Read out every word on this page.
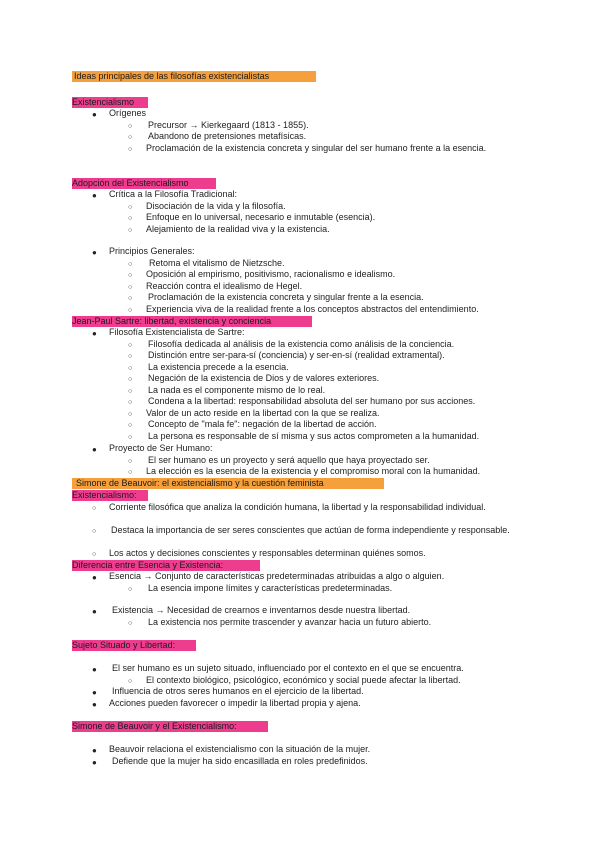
Ideas principales de las filosofías existencialistas
Existencialismo
● Orígenes
○ Precursor → Kierkegaard (1813 - 1855).
○ Abandono de pretensiones metafísicas.
○ Proclamación de la existencia concreta y singular del ser humano frente a la esencia.
Adopción del Existencialismo
● Crítica a la Filosofía Tradicional:
○ Disociación de la vida y la filosofía.
○ Enfoque en lo universal, necesario e inmutable (esencia).
○ Alejamiento de la realidad viva y la existencia.
● Principios Generales:
○ Retoma el vitalismo de Nietzsche.
○ Oposición al empirismo, positivismo, racionalismo e idealismo.
○ Reacción contra el idealismo de Hegel.
○ Proclamación de la existencia concreta y singular frente a la esencia.
○ Experiencia viva de la realidad frente a los conceptos abstractos del entendimiento.
Jean-Paul Sartre: libertad, existencia y conciencia
● Filosofía Existencialista de Sartre:
○ Filosofía dedicada al análisis de la existencia como análisis de la conciencia.
○ Distinción entre ser-para-sí (conciencia) y ser-en-sí (realidad extramental).
○ La existencia precede a la esencia.
○ Negación de la existencia de Dios y de valores exteriores.
○ La nada es el componente mismo de lo real.
○ Condena a la libertad: responsabilidad absoluta del ser humano por sus acciones.
○ Valor de un acto reside en la libertad con la que se realiza.
○ Concepto de "mala fe": negación de la libertad de acción.
○ La persona es responsable de sí misma y sus actos comprometen a la humanidad.
● Proyecto de Ser Humano:
○ El ser humano es un proyecto y será aquello que haya proyectado ser.
○ La elección es la esencia de la existencia y el compromiso moral con la humanidad.
Simone de Beauvoir: el existencialismo y la cuestión feminista
Existencialismo:
○ Corriente filosófica que analiza la condición humana, la libertad y la responsabilidad individual.
○ Destaca la importancia de ser seres conscientes que actúan de forma independiente y responsable.
○ Los actos y decisiones conscientes y responsables determinan quiénes somos.
Diferencia entre Esencia y Existencia:
● Esencia → Conjunto de características predeterminadas atribuidas a algo o alguien.
○ La esencia impone límites y características predeterminadas.
● Existencia → Necesidad de crearnos e inventarnos desde nuestra libertad.
○ La existencia nos permite trascender y avanzar hacia un futuro abierto.
Sujeto Situado y Libertad:
● El ser humano es un sujeto situado, influenciado por el contexto en el que se encuentra.
○ El contexto biológico, psicológico, económico y social puede afectar la libertad.
● Influencia de otros seres humanos en el ejercicio de la libertad.
● Acciones pueden favorecer o impedir la libertad propia y ajena.
Simone de Beauvoir y el Existencialismo:
● Beauvoir relaciona el existencialismo con la situación de la mujer.
● Defiende que la mujer ha sido encasillada en roles predefinidos.
